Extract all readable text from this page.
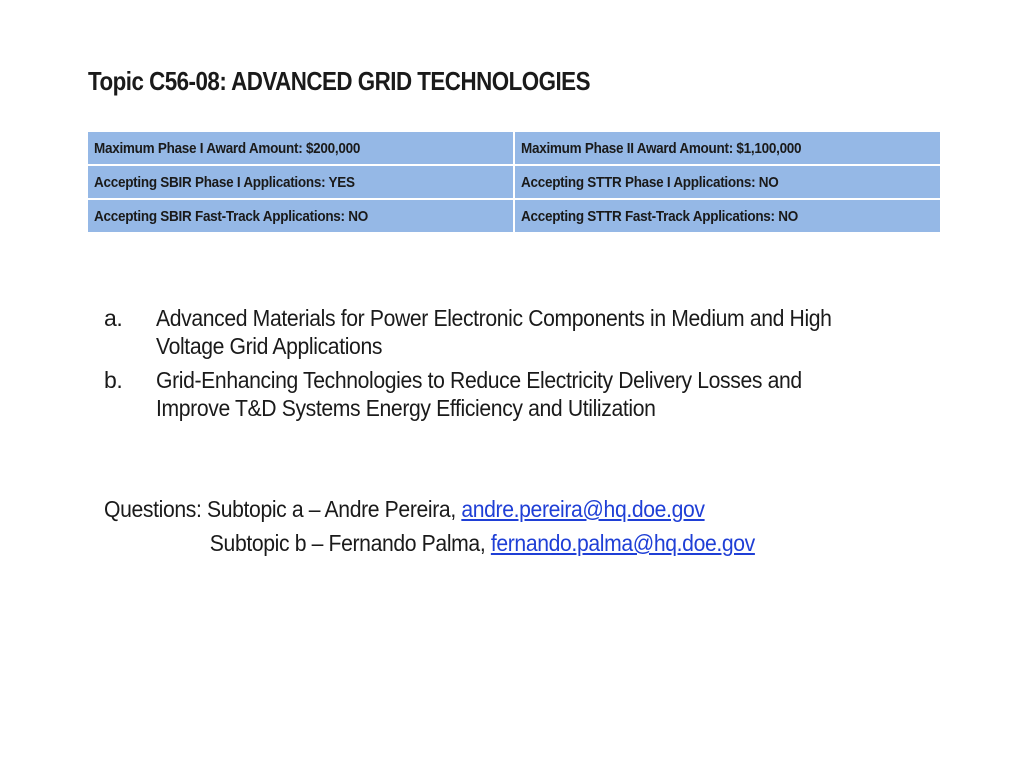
Topic C56-08: ADVANCED GRID TECHNOLOGIES
Maximum Phase I Award Amount: $200,000	Maximum Phase II Award Amount: $1,100,000
Accepting SBIR Phase I Applications: YES	Accepting STTR Phase I Applications: NO
Accepting SBIR Fast-Track Applications: NO	Accepting STTR Fast-Track Applications: NO
a.	Advanced Materials for Power Electronic Components in Medium and High Voltage Grid Applications
b.	Grid-Enhancing Technologies to Reduce Electricity Delivery Losses and Improve T&D Systems Energy Efficiency and Utilization
Questions: Subtopic a – Andre Pereira, andre.pereira@hq.doe.gov
Subtopic b – Fernando Palma, fernando.palma@hq.doe.gov
